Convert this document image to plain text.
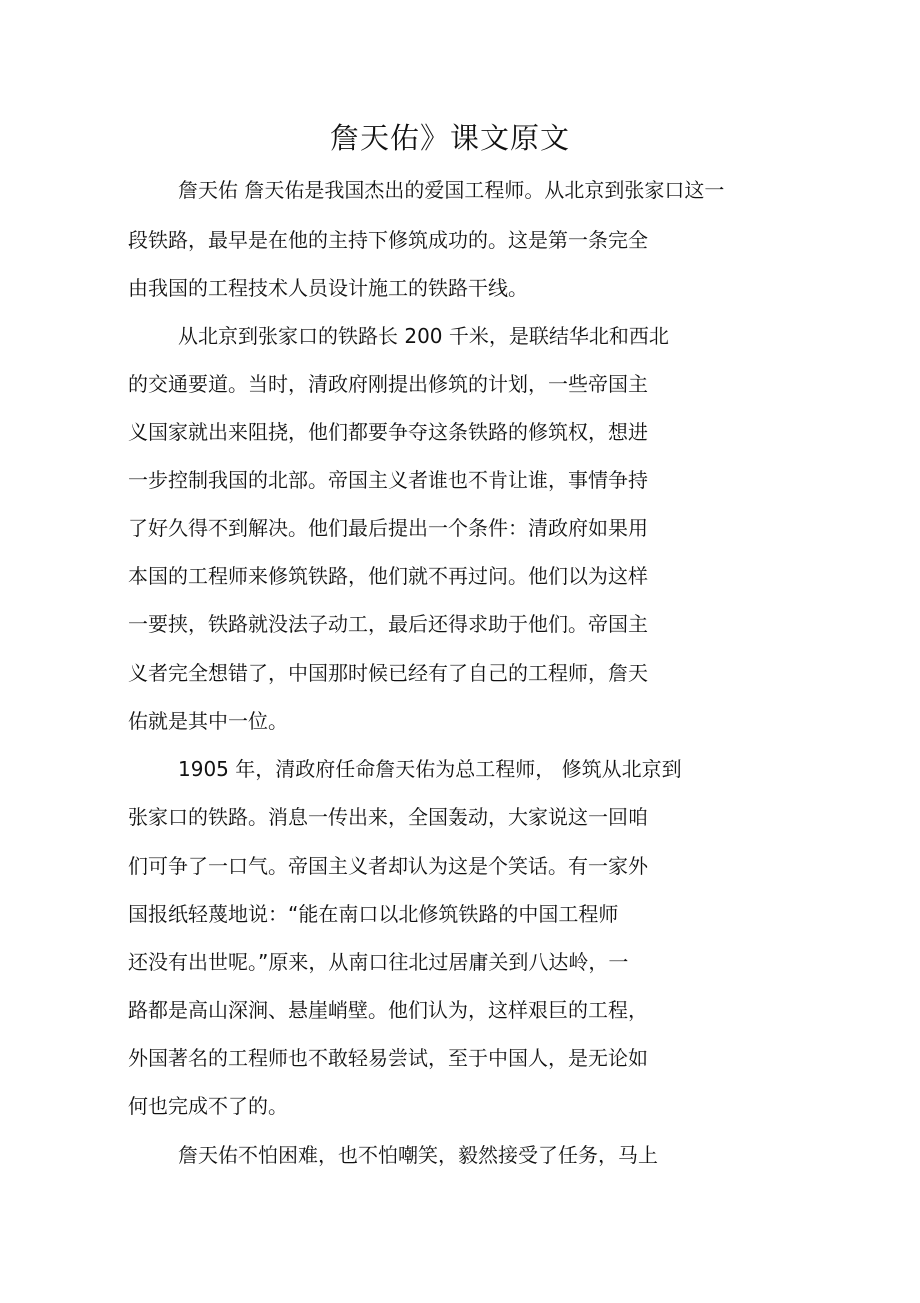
詹天佑》课文原文
詹天佑 詹天佑是我国杰出的爱国工程师。从北京到张家口这一
段铁路，最早是在他的主持下修筑成功的。这是第一条完全
由我国的工程技术人员设计施工的铁路干线。
从北京到张家口的铁路长 200 千米，是联结华北和西北
的交通要道。当时，清政府刚提出修筑的计划，一些帝国主
义国家就出来阻挠，他们都要争夺这条铁路的修筑权，想进
一步控制我国的北部。帝国主义者谁也不肯让谁，事情争持
了好久得不到解决。他们最后提出一个条件：清政府如果用
本国的工程师来修筑铁路，他们就不再过问。他们以为这样
一要挟，铁路就没法子动工，最后还得求助于他们。帝国主
义者完全想错了，中国那时候已经有了自己的工程师，詹天
佑就是其中一位。
1905 年，清政府任命詹天佑为总工程师， 修筑从北京到
张家口的铁路。消息一传出来，全国轰动，大家说这一回咱
们可争了一口气。帝国主义者却认为这是个笑话。有一家外
国报纸轻蔑地说：“能在南口以北修筑铁路的中国工程师
还没有出世呢。”原来，从南口往北过居庸关到八达岭，一
路都是高山深涧、悬崖峭壁。他们认为，这样艰巨的工程，
外国著名的工程师也不敢轻易尝试，至于中国人，是无论如
何也完成不了的。
詹天佑不怕困难，也不怕嘲笑，毅然接受了任务，马上
